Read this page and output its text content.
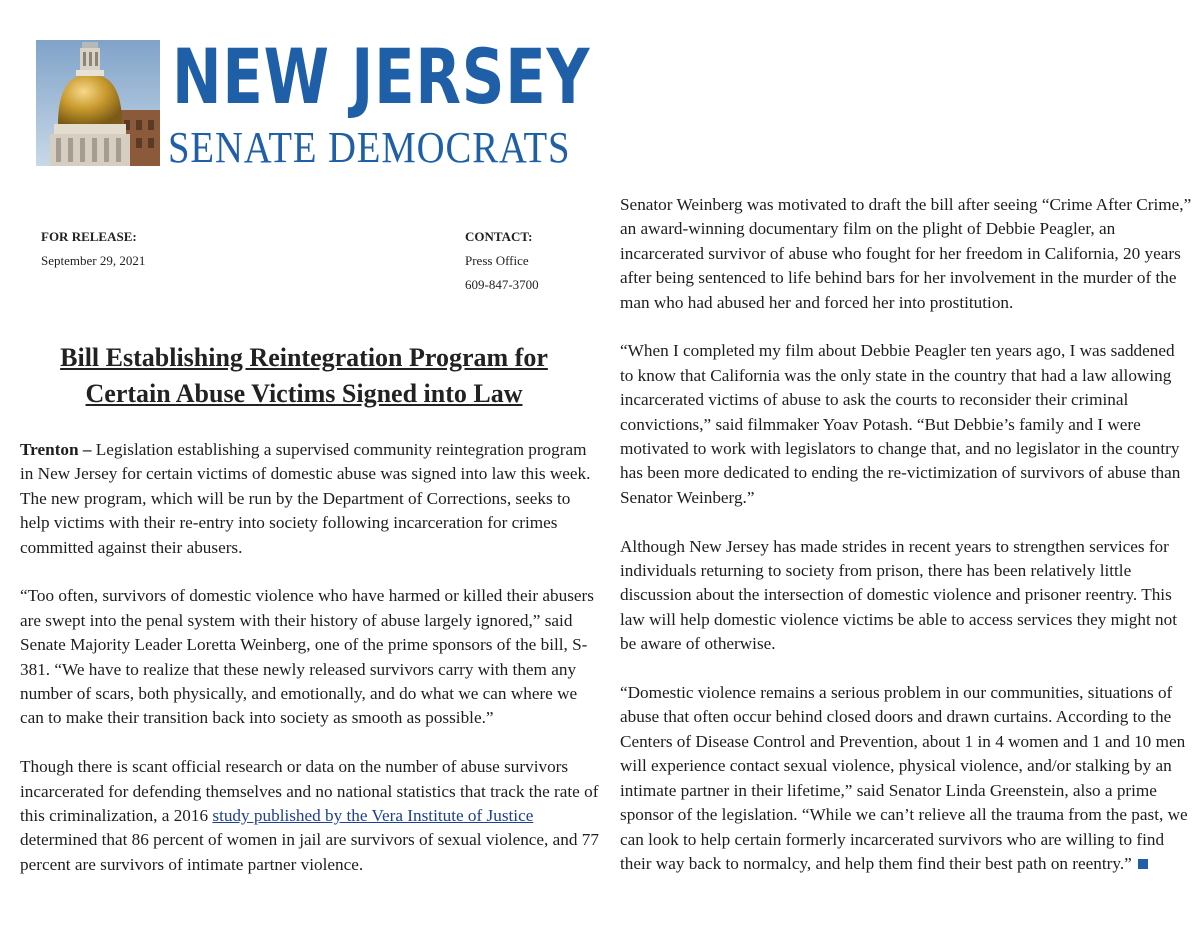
NEW JERSEY
SENATE DEMOCRATS
FOR RELEASE:
September 29, 2021
CONTACT:
Press Office
609-847-3700
Bill Establishing Reintegration Program for Certain Abuse Victims Signed into Law

Trenton – Legislation establishing a supervised community reintegration program in New Jersey for certain victims of domestic abuse was signed into law this week. The new program, which will be run by the Department of Corrections, seeks to help victims with their re-entry into society following incarceration for crimes committed against their abusers.

“Too often, survivors of domestic violence who have harmed or killed their abusers are swept into the penal system with their history of abuse largely ignored,” said Senate Majority Leader Loretta Weinberg, one of the prime sponsors of the bill, S-381. “We have to realize that these newly released survivors carry with them any number of scars, both physically, and emotionally, and do what we can where we can to make their transition back into society as smooth as possible.”

Though there is scant official research or data on the number of abuse survivors incarcerated for defending themselves and no national statistics that track the rate of this criminalization, a 2016 study published by the Vera Institute of Justice determined that 86 percent of women in jail are survivors of sexual violence, and 77 percent are survivors of intimate partner violence.

Senator Weinberg was motivated to draft the bill after seeing “Crime After Crime,” an award-winning documentary film on the plight of Debbie Peagler, an incarcerated survivor of abuse who fought for her freedom in California, 20 years after being sentenced to life behind bars for her involvement in the murder of the man who had abused her and forced her into prostitution.

“When I completed my film about Debbie Peagler ten years ago, I was saddened to know that California was the only state in the country that had a law allowing incarcerated victims of abuse to ask the courts to reconsider their criminal convictions,” said filmmaker Yoav Potash. “But Debbie’s family and I were motivated to work with legislators to change that, and no legislator in the country has been more dedicated to ending the re-victimization of survivors of abuse than Senator Weinberg.”

Although New Jersey has made strides in recent years to strengthen services for individuals returning to society from prison, there has been relatively little discussion about the intersection of domestic violence and prisoner reentry. This law will help domestic violence victims be able to access services they might not be aware of otherwise.

“Domestic violence remains a serious problem in our communities, situations of abuse that often occur behind closed doors and drawn curtains. According to the Centers of Disease Control and Prevention, about 1 in 4 women and 1 and 10 men will experience contact sexual violence, physical violence, and/or stalking by an intimate partner in their lifetime,” said Senator Linda Greenstein, also a prime sponsor of the legislation. “While we can’t relieve all the trauma from the past, we can look to help certain formerly incarcerated survivors who are willing to find their way back to normalcy, and help them find their best path on reentry.”
